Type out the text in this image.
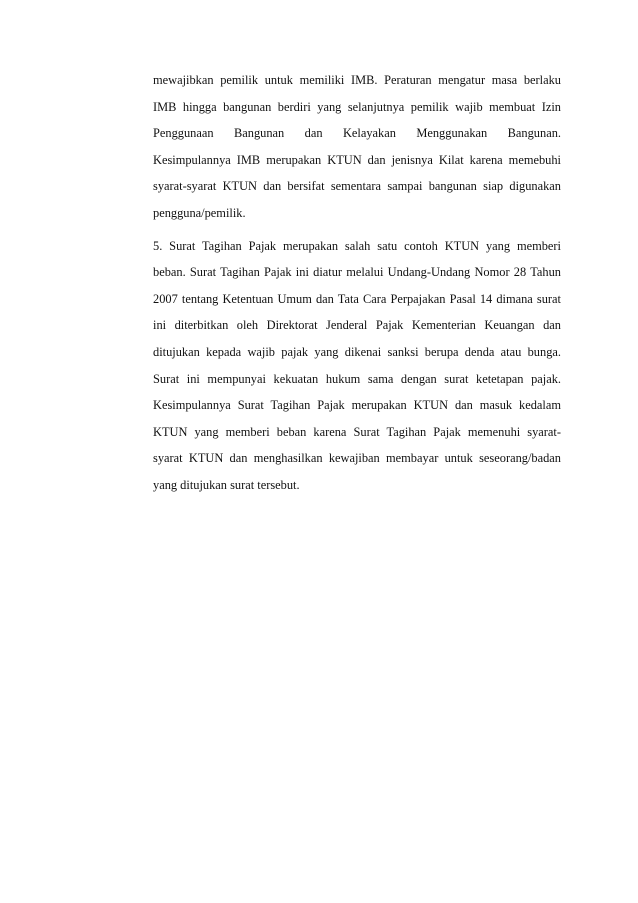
mewajibkan pemilik untuk memiliki IMB. Peraturan mengatur masa berlaku
IMB hingga bangunan berdiri yang selanjutnya pemilik wajib membuat Izin
Penggunaan Bangunan dan Kelayakan Menggunakan Bangunan.
Kesimpulannya IMB merupakan KTUN dan jenisnya Kilat karena memebuhi
syarat-syarat KTUN dan bersifat sementara sampai bangunan siap digunakan
pengguna/pemilik.
5. Surat Tagihan Pajak merupakan salah satu contoh KTUN yang memberi
beban. Surat Tagihan Pajak ini diatur melalui Undang-Undang Nomor 28 Tahun
2007 tentang Ketentuan Umum dan Tata Cara Perpajakan Pasal 14 dimana surat
ini diterbitkan oleh Direktorat Jenderal Pajak Kementerian Keuangan dan
ditujukan kepada wajib pajak yang dikenai sanksi berupa denda atau bunga.
Surat ini mempunyai kekuatan hukum sama dengan surat ketetapan pajak.
Kesimpulannya Surat Tagihan Pajak merupakan KTUN dan masuk kedalam
KTUN yang memberi beban karena Surat Tagihan Pajak memenuhi syarat-
syarat KTUN dan menghasilkan kewajiban membayar untuk seseorang/badan
yang ditujukan surat tersebut.
